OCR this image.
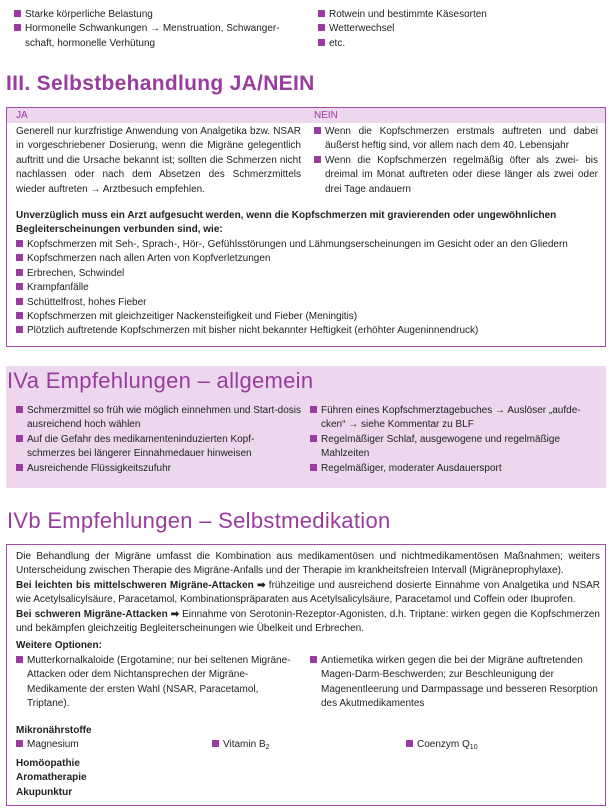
Starke körperliche Belastung
Hormonelle Schwankungen → Menstruation, Schwanger-schaft, hormonelle Verhütung
Rotwein und bestimmte Käsesorten
Wetterwechsel
etc.
III. Selbstbehandlung JA/NEIN
JA	NEIN
Generell nur kurzfristige Anwendung von Analgetika bzw. NSAR in vorgeschriebener Dosierung, wenn die Migräne gelegentlich auftritt und die Ursache bekannt ist; sollten die Schmerzen nicht nachlassen oder nach dem Absetzen des Schmerzmittels wieder auftreten → Arztbesuch empfehlen.
Wenn die Kopfschmerzen erstmals auftreten und dabei äußerst heftig sind, vor allem nach dem 40. Lebensjahr
Wenn die Kopfschmerzen regelmäßig öfter als zwei- bis dreimal im Monat auftreten oder diese länger als zwei oder drei Tage andauern
Unverzüglich muss ein Arzt aufgesucht werden, wenn die Kopfschmerzen mit gravierenden oder ungewöhnlichen Begleiterscheinungen verbunden sind, wie:
Kopfschmerzen mit Seh-, Sprach-, Hör-, Gefühlsstörungen und Lähmungserscheinungen im Gesicht oder an den Gliedern
Kopfschmerzen nach allen Arten von Kopfverletzungen
Erbrechen, Schwindel
Krampfanfälle
Schüttelfrost, hohes Fieber
Kopfschmerzen mit gleichzeitiger Nackensteifigkeit und Fieber (Meningitis)
Plötzlich auftretende Kopfschmerzen mit bisher nicht bekannter Heftigkeit (erhöhter Augeninnendruck)
IVa Empfehlungen – allgemein
Schmerzmittel so früh wie möglich einnehmen und Start-dosis ausreichend hoch wählen
Auf die Gefahr des medikamenteninduzierten Kopf-schmerzes bei längerer Einnahmedauer hinweisen
Ausreichende Flüssigkeitszufuhr
Führen eines Kopfschmerztagebuches → Auslöser „aufde-cken“ → siehe Kommentar zu BLF
Regelmäßiger Schlaf, ausgewogene und regelmäßige Mahlzeiten
Regelmäßiger, moderater Ausdauersport
IVb Empfehlungen – Selbstmedikation
Die Behandlung der Migräne umfasst die Kombination aus medikamentösen und nichtmedikamentösen Maßnahmen; weiters Unterscheidung zwischen Therapie des Migräne-Anfalls und der Therapie im krankheitsfreien Intervall (Migräneprophylaxe).
Bei leichten bis mittelschweren Migräne-Attacken ➡ frühzeitige und ausreichend dosierte Einnahme von Analgetika und NSAR wie Acetylsalicylsäure, Paracetamol, Kombinationspräparaten aus Acetylsalicylsäure, Paracetamol und Coffein oder Ibuprofen.
Bei schweren Migräne-Attacken ➡ Einnahme von Serotonin-Rezeptor-Agonisten, d.h. Triptane: wirken gegen die Kopfschmerzen und bekämpfen gleichzeitig Begleiterscheinungen wie Übelkeit und Erbrechen.
Weitere Optionen:
Mutterkornalkaloide (Ergotamine; nur bei seltenen Migräne-Attacken oder dem Nichtansprechen der Migräne-Medikamente der ersten Wahl (NSAR, Paracetamol, Triptane).
Antiemetika wirken gegen die bei der Migräne auftretenden Magen-Darm-Beschwerden; zur Beschleunigung der Magenentleerung und Darmpassage und besseren Resorption des Akutmedikamentes
Mikronährstoffe
Magnesium	Vitamin $B_2$	Coenzym $Q_{10}$
Homöopathie
Aromatherapie
Akupunktur
